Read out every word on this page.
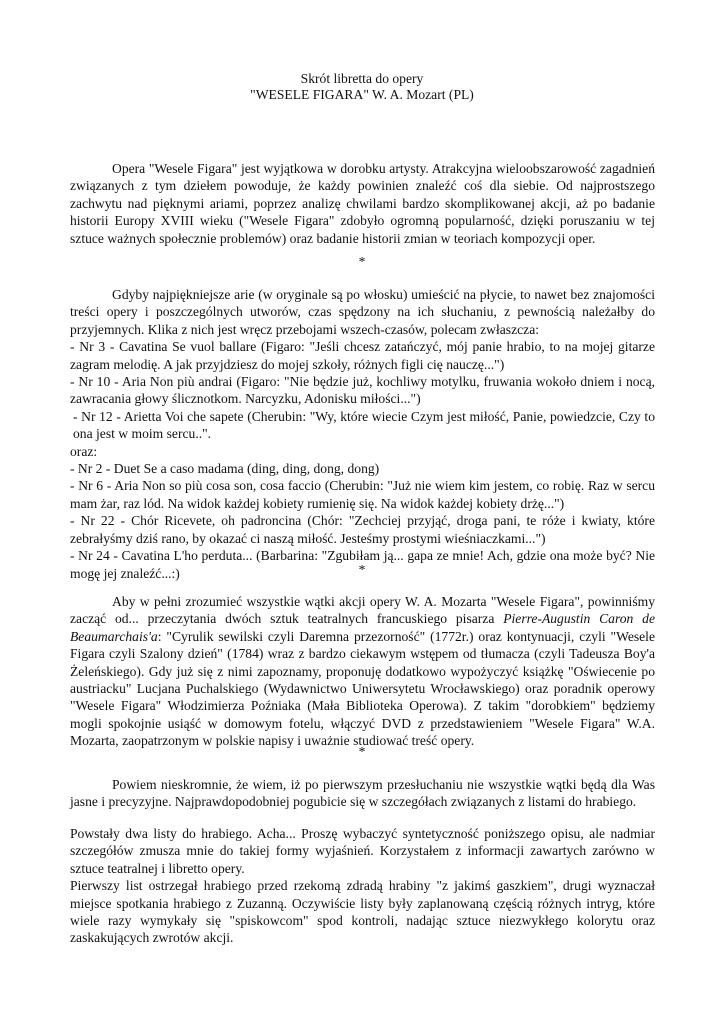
Skrót libretta do opery
"WESELE FIGARA" W. A. Mozart (PL)

Opera "Wesele Figara" jest wyjątkowa w dorobku artysty. Atrakcyjna wieloobszarowość zagadnień związanych z tym dziełem powoduje, że każdy powinien znaleźć coś dla siebie. Od najprostszego zachwytu nad pięknymi ariami, poprzez analizę chwilami bardzo skomplikowanej akcji, aż po badanie historii Europy XVIII wieku ("Wesele Figara" zdobyło ogromną popularność, dzięki poruszaniu w tej sztuce ważnych społecznie problemów) oraz badanie historii zmian w teoriach kompozycji oper.

*

Gdyby najpiękniejsze arie (w oryginale są po włosku) umieścić na płycie, to nawet bez znajomości treści opery i poszczególnych utworów, czas spędzony na ich słuchaniu, z pewnością należałby do przyjemnych. Klika z nich jest wręcz przebojami wszech-czasów, polecam zwłaszcza:

- Nr 3 - Cavatina Se vuol ballare (Figaro: "Jeśli chcesz zatańczyć, mój panie hrabio, to na mojej gitarze zagram melodię. A jak przyjdziesz do mojej szkoły, różnych figli cię nauczę...")

- Nr 10 - Aria Non più andrai (Figaro: "Nie będzie już, kochliwy motylku, fruwania wokoło dniem i nocą, zawracania głowy ślicznotkom. Narcyzku, Adonisku miłości...")

- Nr 12 - Arietta Voi che sapete (Cherubin: "Wy, które wiecie Czym jest miłość, Panie, powiedzcie, Czy to ona jest w moim sercu..".

oraz:

- Nr 2 - Duet Se a caso madama (ding, ding, dong, dong)

- Nr 6 - Aria Non so più cosa son, cosa faccio (Cherubin: "Już nie wiem kim jestem, co robię. Raz w sercu mam żar, raz lód. Na widok każdej kobiety rumienię się. Na widok każdej kobiety drżę...")

- Nr 22 - Chór Ricevete, oh padroncina (Chór: "Zechciej przyjąć, droga pani, te róże i kwiaty, które zebrałyśmy dziś rano, by okazać ci naszą miłość. Jesteśmy prostymi wieśniaczkami...")

- Nr 24 - Cavatina L'ho perduta... (Barbarina: "Zgubiłam ją... gapa ze mnie! Ach, gdzie ona może być? Nie mogę jej znaleźć...:)	*

Aby w pełni zrozumieć wszystkie wątki akcji opery W. A. Mozarta "Wesele Figara", powinniśmy zacząć od... przeczytania dwóch sztuk teatralnych francuskiego pisarza Pierre-Augustin Caron de Beaumarchais'a: "Cyrulik sewilski czyli Daremna przezorność" (1772r.) oraz kontynuacji, czyli "Wesele Figara czyli Szalony dzień" (1784) wraz z bardzo ciekawym wstępem od tłumacza (czyli Tadeusza Boy'a Żeleńskiego). Gdy już się z nimi zapoznamy, proponuję dodatkowo wypożyczyć książkę "Oświecenie po austriacku" Lucjana Puchalskiego (Wydawnictwo Uniwersytetu Wrocławskiego) oraz poradnik operowy "Wesele Figara" Włodzimierza Poźniaka (Mała Biblioteka Operowa). Z takim "dorobkiem" będziemy mogli spokojnie usiąść w domowym fotelu, włączyć DVD z przedstawieniem "Wesele Figara" W.A. Mozarta, zaopatrzonym w polskie napisy i uważnie studiować treść opery.

*

Powiem nieskromnie, że wiem, iż po pierwszym przesłuchaniu nie wszystkie wątki będą dla Was jasne i precyzyjne. Najprawdopodobniej pogubicie się w szczegółach związanych z listami do hrabiego.

Powstały dwa listy do hrabiego. Acha... Proszę wybaczyć syntetyczność poniższego opisu, ale nadmiar szczegółów zmusza mnie do takiej formy wyjaśnień. Korzystałem z informacji zawartych zarówno w sztuce teatralnej i libretto opery.

Pierwszy list ostrzegał hrabiego przed rzekomą zdradą hrabiny "z jakimś gaszkiem", drugi wyznaczał miejsce spotkania hrabiego z Zuzanną. Oczywiście listy były zaplanowaną częścią różnych intryg, które wiele razy wymykały się "spiskowcom" spod kontroli, nadając sztuce niezwykłego kolorytu oraz zaskakujących zwrotów akcji.
